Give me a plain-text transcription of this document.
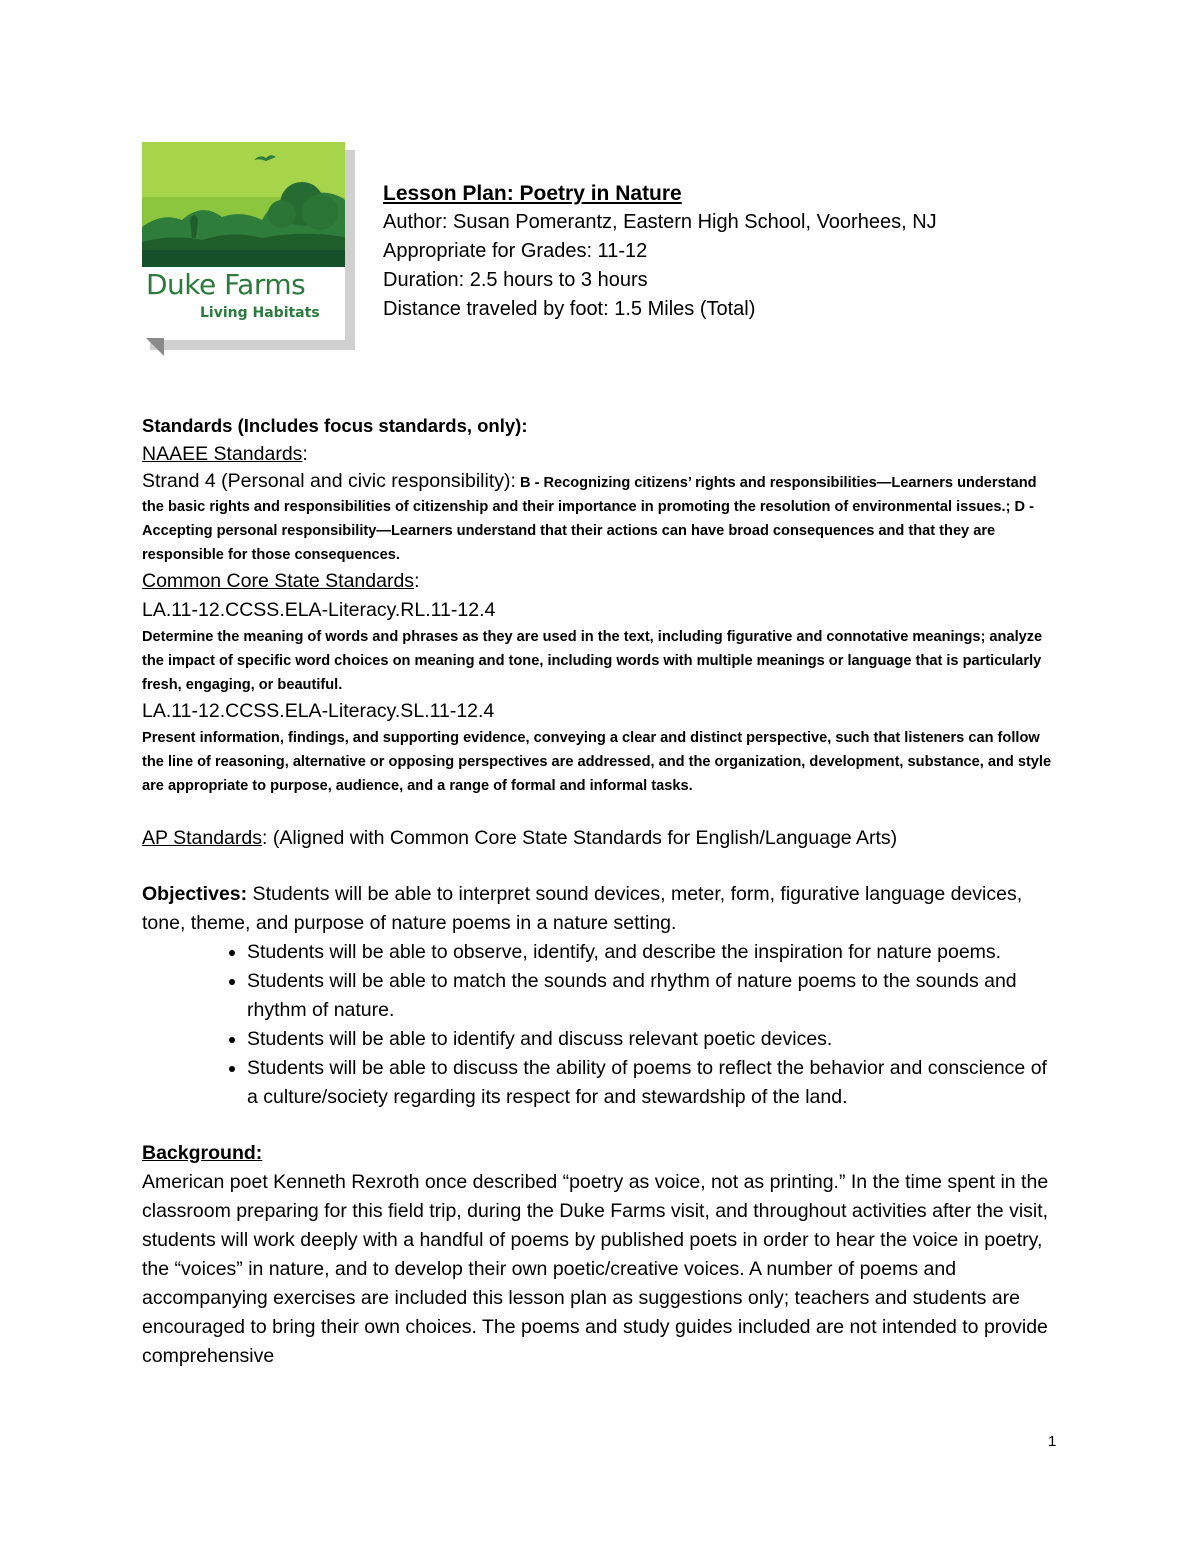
Duke Farms
Living Habitats
Lesson Plan: Poetry in Nature
Author: Susan Pomerantz, Eastern High School, Voorhees, NJ
Appropriate for Grades: 11-12
Duration: 2.5 hours to 3 hours
Distance traveled by foot: 1.5 Miles (Total)

Standards (Includes focus standards, only):

NAAEE Standards:

Strand 4 (Personal and civic responsibility): B - Recognizing citizens’ rights and responsibilities—Learners understand the basic rights and responsibilities of citizenship and their importance in promoting the resolution of environmental issues.; D - Accepting personal responsibility—Learners understand that their actions can have broad consequences and that they are responsible for those consequences.

Common Core State Standards:

LA.11-12.CCSS.ELA-Literacy.RL.11-12.4

Determine the meaning of words and phrases as they are used in the text, including figurative and connotative meanings; analyze the impact of specific word choices on meaning and tone, including words with multiple meanings or language that is particularly fresh, engaging, or beautiful.

LA.11-12.CCSS.ELA-Literacy.SL.11-12.4

Present information, findings, and supporting evidence, conveying a clear and distinct perspective, such that listeners can follow the line of reasoning, alternative or opposing perspectives are addressed, and the organization, development, substance, and style are appropriate to purpose, audience, and a range of formal and informal tasks.

AP Standards: (Aligned with Common Core State Standards for English/Language Arts)

Objectives: Students will be able to interpret sound devices, meter, form, figurative language devices, tone, theme, and purpose of nature poems in a nature setting.

• Students will be able to observe, identify, and describe the inspiration for nature poems.
• Students will be able to match the sounds and rhythm of nature poems to the sounds and rhythm of nature.
• Students will be able to identify and discuss relevant poetic devices.
• Students will be able to discuss the ability of poems to reflect the behavior and conscience of a culture/society regarding its respect for and stewardship of the land.

Background:

American poet Kenneth Rexroth once described “poetry as voice, not as printing.” In the time spent in the classroom preparing for this field trip, during the Duke Farms visit, and throughout activities after the visit, students will work deeply with a handful of poems by published poets in order to hear the voice in poetry, the “voices” in nature, and to develop their own poetic/creative voices. A number of poems and accompanying exercises are included this lesson plan as suggestions only; teachers and students are encouraged to bring their own choices. The poems and study guides included are not intended to provide comprehensive

1
